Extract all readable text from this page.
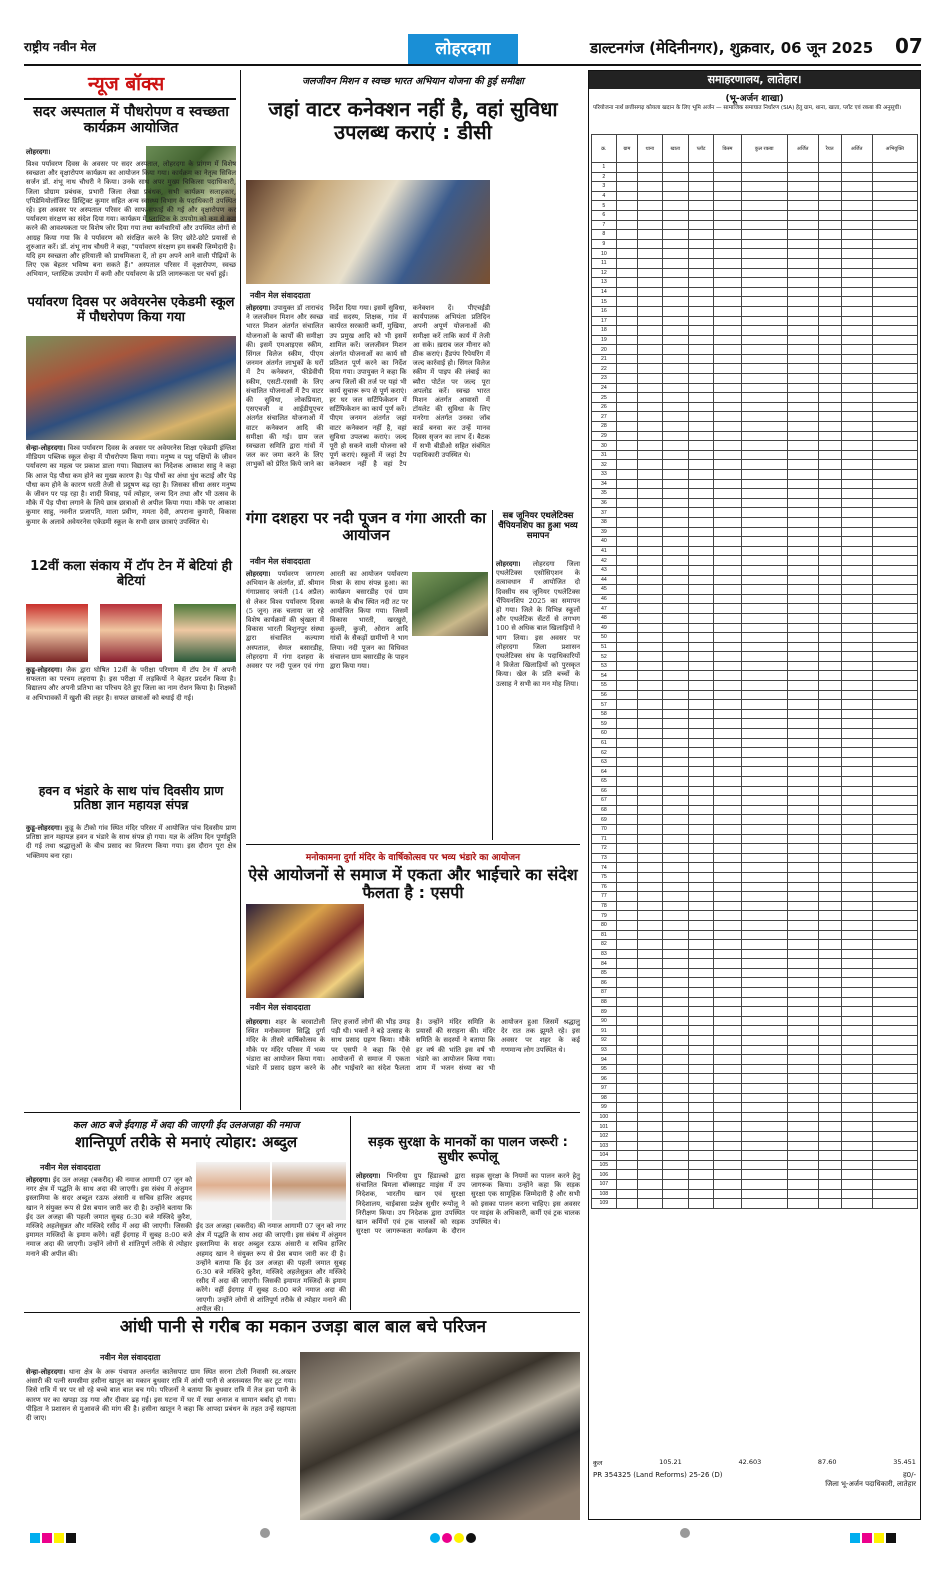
राष्ट्रीय नवीन मेल	लोहरदगा	डाल्टनगंज (मेदिनीनगर), शुक्रवार, 06 जून 2025 07
न्यूज बॉक्स
सदर अस्पताल में पौधरोपण व स्वच्छता कार्यक्रम आयोजित
लोहरदगा।
विश्व पर्यावरण दिवस के अवसर पर सदर अस्पताल, लोहरदगा के प्रांगण में विशेष स्वच्छता और वृक्षारोपण कार्यक्रम का आयोजन किया गया। कार्यक्रम का नेतृत्व सिविल सर्जन डॉ. शंभू नाथ चौधरी ने किया। उनके साथ अपर मुख्य चिकित्सा पदाधिकारी, जिला प्रोग्राम प्रबंधक, प्रभारी जिला लेखा प्रबंधक, सभी कार्यक्रम सलाहकार, एपिडेमियोलॉजिस्ट डिस्ट्रिक्ट कुमार सहित अन्य स्वास्थ्य विभाग के पदाधिकारी उपस्थित रहे। इस अवसर पर अस्पताल परिसर की साफ-सफाई की गई और वृक्षारोपण कर पर्यावरण संरक्षण का संदेश दिया गया। कार्यक्रम में प्लास्टिक के उपयोग को कम से कम करने की आवश्यकता पर विशेष जोर दिया गया तथा कर्मचारियों और उपस्थित लोगों से आग्रह किया गया कि वे पर्यावरण को संरक्षित करने के लिए छोटे-छोटे प्रयासों से शुरुआत करें। डॉ. शंभू नाथ चौधरी ने कहा, "पर्यावरण संरक्षण हम सबकी जिम्मेदारी है। यदि हम स्वच्छता और हरियाली को प्राथमिकता दें, तो हम अपने आने वाली पीढ़ियों के लिए एक बेहतर भविष्य बना सकते हैं।" अस्पताल परिसर में वृक्षारोपण, स्वच्छ अभियान, प्लास्टिक उपयोग में कमी और पर्यावरण के प्रति जागरूकता पर चर्चा हुई।
पर्यावरण दिवस पर अवेयरनेस एकेडमी स्कूल में पौधरोपण किया गया
सेन्हा-लोहरदगा। विश्व पर्यावरण दिवस के अवसर पर अवेयरनेस शिक्षा एकेडमी इंग्लिश मीडियम पब्लिक स्कूल सेन्हा में पौधरोपण किया गया। मनुष्य व पशु पक्षियों के जीवन पर्यावरण का महत्व पर प्रकाश डाला गया। विद्यालय का निदेशक आकाश साहु ने कहा कि आज पेड़ पौधा कम होने का मुख्य कारण है। पेड़ पौधों का अंधा धुंध कटाई और पेड़ पौधा कम होने के कारण धरती तेजी से प्रदूषण बढ़ रहा है। जिसका सीधा असर मनुष्य के जीवन पर पड़ रहा है। शादी विवाह, पर्व त्योहार, जन्म दिन तथा और भी उत्सव के मौके में पेड़ पौधा लगाने के लिये छात्र छात्राओं से अपील किया गया। मौके पर आकाश कुमार साहु, नवनीत प्रजापति, माला प्रवीण, ममता देवी, अपराना कुमारी, विकास कुमार के अलावे अवेयरनेस एकेडमी स्कूल के सभी छात्र छात्राएं उपस्थित थे।
12वीं कला संकाय में टॉप टेन में बेटियां ही बेटियां
कुडू-लोहरदगा। जैक द्वारा घोषित 12वीं के परीक्षा परिणाम में टॉप टेन में अपनी सफलता का परचम लहराया है। इस परीक्षा में लड़कियों ने बेहतर प्रदर्शन किया है। विद्यालय और अपनी प्रतिभा का परिचय देते हुए जिला का नाम रोशन किया है। शिक्षकों व अभिभावकों में खुशी की लहर है। सफल छात्राओं को बधाई दी गई।
हवन व भंडारे के साथ पांच दिवसीय प्राण प्रतिष्ठा ज्ञान महायज्ञ संपन्न
कुडू-लोहरदगा। कुडू के टीको गांव स्थित मंदिर परिसर में आयोजित पांच दिवसीय प्राण प्रतिष्ठा ज्ञान महायज्ञ हवन व भंडारे के साथ संपन्न हो गया। यज्ञ के अंतिम दिन पूर्णाहुति दी गई तथा श्रद्धालुओं के बीच प्रसाद का वितरण किया गया। इस दौरान पूरा क्षेत्र भक्तिमय बना रहा।
जलजीवन मिशन व स्वच्छ भारत अभियान योजना की हुई समीक्षा
जहां वाटर कनेक्शन नहीं है, वहां सुविधा उपलब्ध कराएं : डीसी
नवीन मेल संवाददाता
लोहरदगा। उपायुक्त डॉ ताराचंद ने जलजीवन मिशन और स्वच्छ भारत मिशन अंतर्गत संचालित योजनाओं के कार्यों की समीक्षा की। इसमें एमआइएस स्कीम, सिंगल विलेज स्कीम, पीएम जनमन अंतर्गत लाभुकों के घरों में टैप कनेक्शन, फीडेवीयी स्कीम, एसटी-एससी के लिए संचालित योजनाओं में टैप वाटर की सुविधा, लोकप्रियता, एसएचजी व आईडीयूएचर अंतर्गत संचालित योजनाओं में वाटर कनेक्शन आदि की समीक्षा की गई। ग्राम जल स्वच्छता समिति द्वारा गांवों में जल कर जमा करने के लिए लाभुकों को प्रेरित किये जाने का निर्देश दिया गया। इसमें सुविधा, वार्ड सदस्य, शिक्षक, गांव में कार्यरत सरकारी कर्मी, मुखिया, उप प्रमुख आदि को भी इसमें शामिल करें। जलजीवन मिशन अंतर्गत योजनाओं का कार्य सौ प्रतिशत पूर्ण करने का निर्देश दिया गया। उपायुक्त ने कहा कि अन्य जिलों की तर्ज पर यहां भी कार्य सुचारू रूप से पूर्ण कराएं। हर घर जल सर्टिफिकेशन में सर्टिफिकेशन का कार्य पूर्ण करें। पीएम जनमन अंतर्गत जहां वाटर कनेक्शन नहीं है, वहां सुविधा उपलब्ध कराएं। जल्द पूरी हो सकने वाली योजना को पूर्ण कराएं। स्कूलों में जहां टैप कनेक्शन नहीं है वहां टैप कनेक्शन दें। पीएचईडी कार्यपालक अभियंता प्रतिदिन अपनी अपूर्ण योजनाओं की समीक्षा करें ताकि कार्य में तेजी आ सके। ख़राब जल मीनार को ठीक कराएं। हैंडपंप रिपेयरिंग में जल्द कार्रवाई हो। सिंगल विलेज स्कीम में पाइप की लंबाई का ब्यौरा पोर्टल पर जल्द पूरा अपलोड करें। स्वच्छ भारत मिशन अंतर्गत आवासों में टॉयलेट की सुविधा के लिए मनरेगा अंतर्गत उनका जॉब कार्ड बनवा कर उन्हें मानव दिवस सृजन का लाभ दें। बैठक में सभी बीडीओ सहित संबंधित पदाधिकारी उपस्थित थे।
गंगा दशहरा पर नदी पूजन व गंगा आरती का आयोजन
नवीन मेल संवाददाता
लोहरदगा। पर्यावरण जागरण अभियान के अंतर्गत, डॉ. श्रीमान गंगाप्रसाद जयंती (14 अप्रैल) से लेकर विश्व पर्यावरण दिवस (5 जून) तक चलाया जा रहे विशेष कार्यक्रमों की श्रृंखला में विकास भारती बिशुनपुर संस्था द्वारा संचालित कल्याण अस्पताल, सेमल बसारडीह, लोहरदगा में गंगा दशहरा के अवसर पर नदी पूजन एवं गंगा आरती का आयोजन पर्यावरण मिश्रा के साथ संपन्न हुआ। का कार्यक्रम बसारडीह एवं ग्राम कमले के बीच स्थित नदी तट पर आयोजित किया गया। जिसमें विकास भारती, खरखुरो, कुल्ली, कुजी, ओरान आदि गांवों के सैकड़ों ग्रामीणों ने भाग लिया। नदी पूजन का विधिवत संचालन ग्राम बसारडीह के पाहन द्वारा किया गया।
सब जूनियर एथलेटिक्स चैंपियनशिप का हुआ भव्य समापन
लोहरदगा। लोहरदगा जिला एथलेटिक्स एसोसिएशन के तत्वावधान में आयोजित दो दिवसीय सब जूनियर एथलेटिक्स चैंपियनशिप 2025 का समापन हो गया। जिले के विभिन्न स्कूलों और एथलेटिक सेंटरों से लगभग 100 से अधिक बाल खिलाड़ियों ने भाग लिया। इस अवसर पर लोहरदगा जिला प्रशासन एथलेटिक्स संघ के पदाधिकारियों ने विजेता खिलाड़ियों को पुरस्कृत किया। खेल के प्रति बच्चों के उत्साह ने सभी का मन मोह लिया।
मनोकामना दुर्गा मंदिर के वार्षिकोत्सव पर भव्य भंडारे का आयोजन
ऐसे आयोजनों से समाज में एकता और भाईचारे का संदेश फैलता है : एसपी
नवीन मेल संवाददाता
लोहरदगा। शहर के बरवाटोली स्थित मनोकामना सिद्धि दुर्गा मंदिर के तीसरे वार्षिकोत्सव के मौके पर मंदिर परिसर में भव्य भंडारा का आयोजन किया गया। भंडारे में प्रसाद ग्रहण करने के लिए हजारों लोगों की भीड़ उमड़ पड़ी थी। भक्तों ने बड़े उत्साह के साथ प्रसाद ग्रहण किया। मौके पर एसपी ने कहा कि ऐसे आयोजनों से समाज में एकता और भाईचारे का संदेश फैलता है। उन्होंने मंदिर समिति के प्रयासों की सराहना की। मंदिर समिति के सदस्यों ने बताया कि हर वर्ष की भांति इस वर्ष भी भंडारे का आयोजन किया गया। शाम में भजन संध्या का भी आयोजन हुआ जिसमें श्रद्धालु देर रात तक झूमते रहे। इस अवसर पर शहर के कई गणमान्य लोग उपस्थित थे।
कल आठ बजे ईदगाह में अदा की जाएगी ईद उलअजहा की नमाज
शान्तिपूर्ण तरीके से मनाएं त्योहार: अब्दुल
नवीन मेल संवाददाता
लोहरदगा। ईद उल अजहा (बकरीद) की नमाज आगामी 07 जून को नगर क्षेत्र में पद्धति के साथ अदा की जाएगी। इस संबंध में अंजुमन इस्लामिया के सदर अब्दुल रऊफ अंसारी व सचिव हाजिर अहमद खान ने संयुक्त रूप से प्रेस बयान जारी कर दी है। उन्होंने बताया कि ईद उल अजहा की पहली जमात सुबह 6:30 बजे मस्जिदे कुरैश, मस्जिदे अहलेसुन्नत और मस्जिदे रसीद में अदा की जाएगी। जिसकी इमामत मस्जिदों के इमाम करेंगे। वहीं ईदगाह में सुबह 8:00 बजे नमाज अदा की जाएगी। उन्होंने लोगों से शांतिपूर्ण तरीके से त्योहार मनाने की अपील की।
ईद उल अजहा (बकरीद) की नमाज आगामी 07 जून को नगर क्षेत्र में पद्धति के साथ अदा की जाएगी। इस संबंध में अंजुमन इस्लामिया के सदर अब्दुल रऊफ अंसारी व सचिव हाजिर अहमद खान ने संयुक्त रूप से प्रेस बयान जारी कर दी है। उन्होंने बताया कि ईद उल अजहा की पहली जमात सुबह 6:30 बजे मस्जिदे कुरैश, मस्जिदे अहलेसुन्नत और मस्जिदे रसीद में अदा की जाएगी। जिसकी इमामत मस्जिदों के इमाम करेंगे। वहीं ईदगाह में सुबह 8:00 बजे नमाज अदा की जाएगी। उन्होंने लोगों से शांतिपूर्ण तरीके से त्योहार मनाने की अपील की।
सड़क सुरक्षा के मानकों का पालन जरूरी : सुधीर रूपोलू
लोहरदगा। भिनरिया ग्रुप हिंडाल्को द्वारा संचालित बिमला बॉक्साइट माइंस में उप निदेशक, भारतीय खान एवं सुरक्षा निदेशालय, चाईबासा प्रक्षेत्र सुधीर रूपोलू ने निरीक्षण किया। उप निदेशक द्वारा उपस्थित खान कर्मियों एवं ट्रक चालकों को सड़क सुरक्षा पर जागरूकता कार्यक्रम के दौरान सड़क सुरक्षा के नियमों का पालन करने हेतु जागरूक किया। उन्होंने कहा कि सड़क सुरक्षा एक सामूहिक जिम्मेदारी है और सभी को इसका पालन करना चाहिए। इस अवसर पर माइंस के अधिकारी, कर्मी एवं ट्रक चालक उपस्थित थे।
आंधी पानी से गरीब का मकान उजड़ा बाल बाल बचे परिजन
नवीन मेल संवाददाता
सेन्हा-लोहरदगा। थाना क्षेत्र के अरू पंचायत अन्तर्गत कातेसपाट ग्राम स्थित सरना टोली निवासी स्व.अख्तर अंसारी की पत्नी समसीमा हसीना खातून का मकान बुधवार रात्रि में आंधी पानी से अस्तव्यस्त गिर कर टूट गया। जिसे रात्रि में घर पर सो रहे बच्चे बाल बाल बच गये। परिजनों ने बताया कि बुधवार रात्रि में तेज हवा पानी के कारण घर का खपड़ा उड़ गया और दीवार ढह गई। इस घटना में घर में रखा अनाज व सामान बर्बाद हो गया। पीड़िता ने प्रशासन से मुआवजे की मांग की है। हसीना खातून ने कहा कि आपदा प्रबंधन के तहत उन्हें सहायता दी जाए।
समाहरणालय, लातेहार।
(भू-अर्जन शाखा)
परियोजना नार्थ छत्तीसगढ़ कोयला खदान के लिए भूमि अर्जन — सामाजिक समाघात निर्धारण (SIA) हेतु ग्राम, थाना, खाता, प्लॉट एवं रकबा की अनुसूची।
क्र.	ग्राम	थाना	खाता	प्लॉट	किस्म	कुल रकबा	अर्जित	रैयत	अर्जित	अभियुक्ति
1										
2										
3										
4										
5										
6										
7										
8										
9										
10										
11										
12										
13										
14										
15										
16										
17										
18										
19										
20										
21										
22										
23										
24										
25										
26										
27										
28										
29										
30										
31										
32										
33										
34										
35										
36										
37										
38										
39										
40										
41										
42										
43										
44										
45										
46										
47										
48										
49										
50										
51										
52										
53										
54										
55										
56										
57										
58										
59										
60										
61										
62										
63										
64										
65										
66										
67										
68										
69										
70										
71										
72										
73										
74										
75										
76										
77										
78										
79										
80										
81										
82										
83										
84										
85										
86										
87										
88										
89										
90										
91										
92										
93										
94										
95										
96										
97										
98										
99										
100										
101										
102										
103										
104										
105										
106										
107										
108										
109										
कुल	105.21	42.603	87.60	35.451
PR 354325 (Land Reforms) 25-26 (D)	ह0/-
जिला भू-अर्जन पदाधिकारी, लातेहार
